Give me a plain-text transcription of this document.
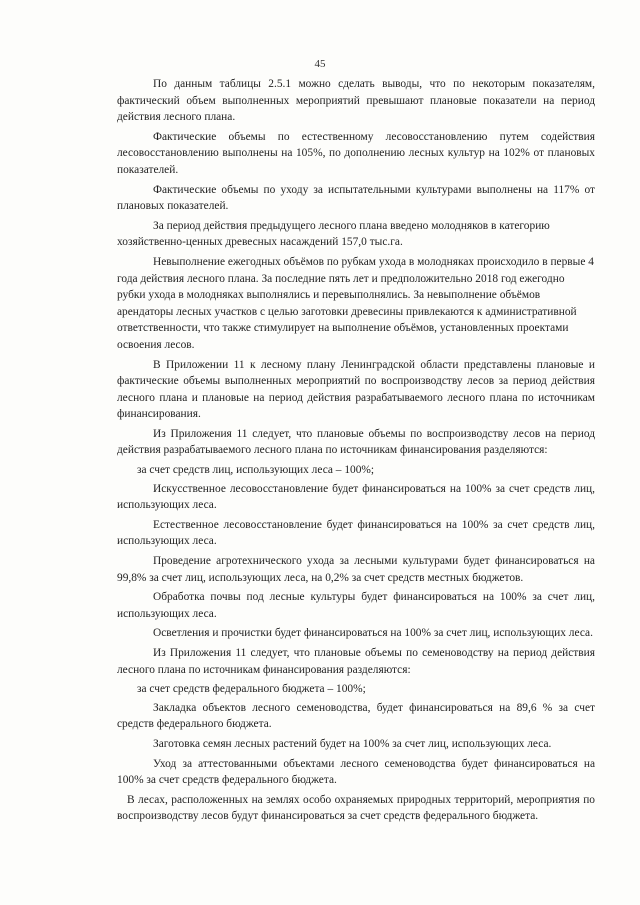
45

По данным таблицы 2.5.1 можно сделать выводы, что по некоторым показателям, фактический объем выполненных мероприятий превышают плановые показатели на период действия лесного плана.

Фактические объемы по естественному лесовосстановлению путем содействия лесовосстановлению выполнены на 105%, по дополнению лесных культур на 102% от плановых показателей.

Фактические объемы по уходу за испытательными культурами выполнены на 117% от плановых показателей.

За период действия предыдущего лесного плана введено молодняков в категорию хозяйственно-ценных древесных насаждений 157,0 тыс.га.

Невыполнение ежегодных объёмов по рубкам ухода в молодняках происходило в первые 4 года действия лесного плана. За последние пять лет и предположительно 2018 год ежегодно рубки ухода в молодняках выполнялись и перевыполнялись. За невыполнение объёмов арендаторы лесных участков с целью заготовки древесины привлекаются к административной ответственности, что также стимулирует на выполнение объёмов, установленных проектами освоения лесов.

В Приложении 11 к лесному плану Ленинградской области представлены плановые и фактические объемы выполненных мероприятий по воспроизводству лесов за период действия лесного плана и плановые на период действия разрабатываемого лесного плана по источникам финансирования.

Из Приложения 11 следует, что плановые объемы по воспроизводству лесов на период действия разрабатываемого лесного плана по источникам финансирования разделяются:

за счет средств лиц, использующих леса – 100%;

Искусственное лесовосстановление будет финансироваться на 100% за счет средств лиц, использующих леса.

Естественное лесовосстановление будет финансироваться на 100% за счет средств лиц, использующих леса.

Проведение агротехнического ухода за лесными культурами будет финансироваться на 99,8% за счет лиц, использующих леса, на 0,2% за счет средств местных бюджетов.

Обработка почвы под лесные культуры будет финансироваться на 100% за счет лиц, использующих леса.

Осветления и прочистки будет финансироваться на 100% за счет лиц, использующих леса.

Из Приложения 11 следует, что плановые объемы по семеноводству на период действия лесного плана по источникам финансирования разделяются:

за счет средств федерального бюджета – 100%;

Закладка объектов лесного семеноводства, будет финансироваться на 89,6 % за счет средств федерального бюджета.

Заготовка семян лесных растений будет на 100% за счет лиц, использующих леса.

Уход за аттестованными объектами лесного семеноводства будет финансироваться на 100% за счет средств федерального бюджета.

В лесах, расположенных на землях особо охраняемых природных территорий, мероприятия по воспроизводству лесов будут финансироваться за счет средств федерального бюджета.
